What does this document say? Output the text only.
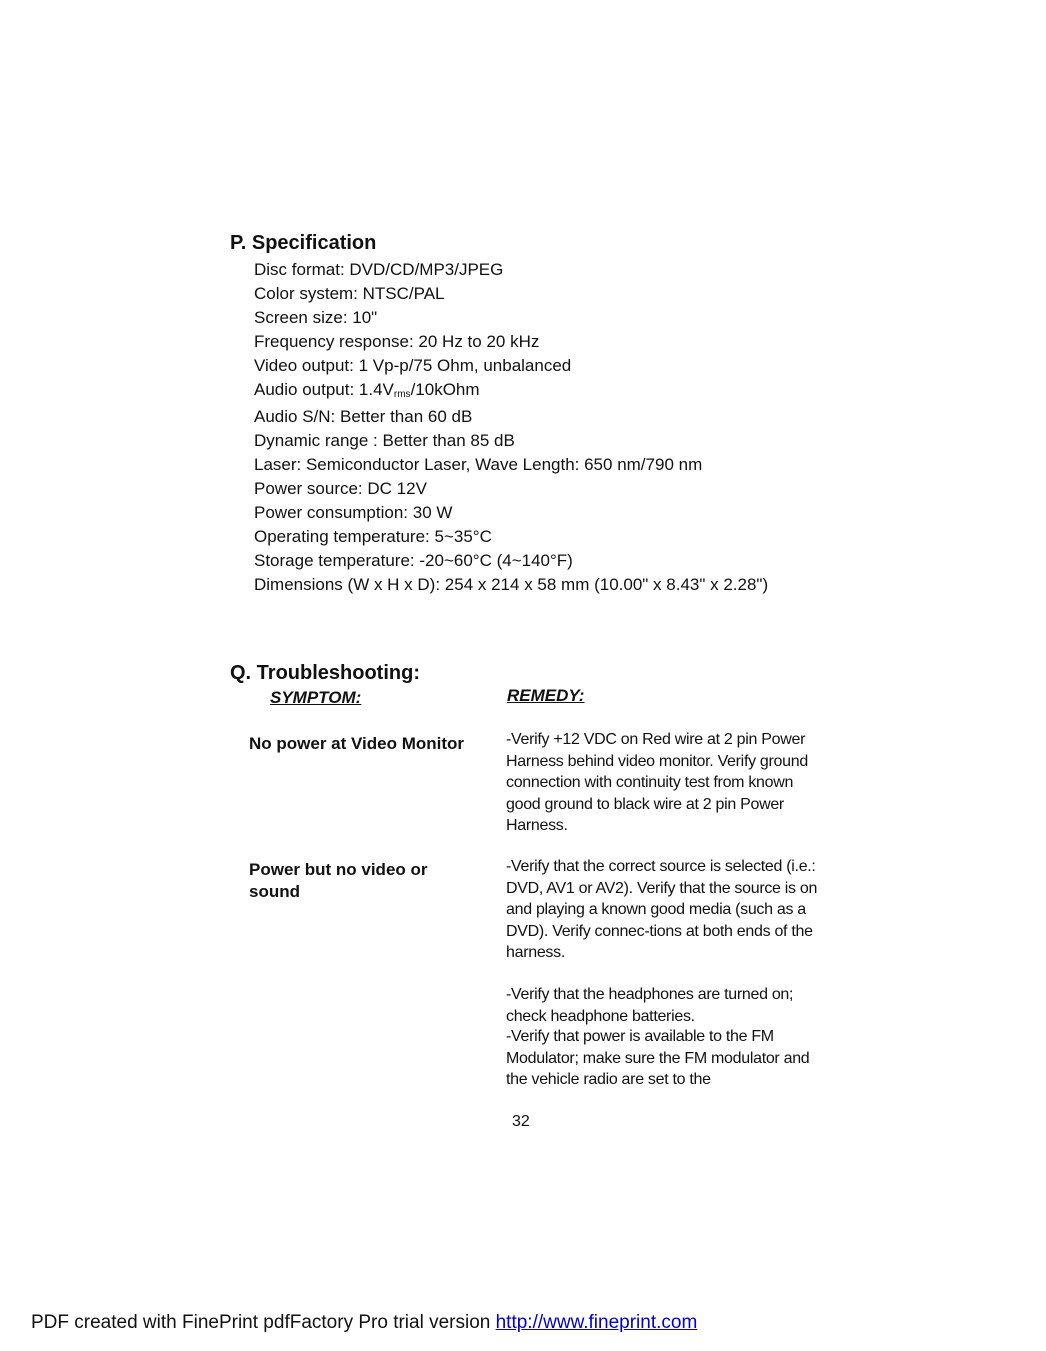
P. Specification
Disc format: DVD/CD/MP3/JPEG
Color system: NTSC/PAL
Screen size: 10"
Frequency response: 20 Hz to 20 kHz
Video output: 1 Vp-p/75 Ohm, unbalanced
Audio output: $1.4V_{rms}/10kOhm$
Audio S/N: Better than 60 dB
Dynamic range : Better than 85 dB
Laser: Semiconductor Laser, Wave Length: 650 nm/790 nm
Power source: DC 12V
Power consumption: 30 W
Operating temperature: 5~35°C
Storage temperature: -20~60°C (4~140°F)
Dimensions (W x H x D): 254 x 214 x 58 mm (10.00" x 8.43" x 2.28")
Q. Troubleshooting:
SYMPTOM:	REMEDY:
No power at Video Monitor	-Verify +12 VDC on Red wire at 2 pin Power Harness behind video monitor. Verify ground connection with continuity test from known good ground to black wire at 2 pin Power Harness.
Power but no video or sound
-Verify that the correct source is selected (i.e.: DVD, AV1 or AV2). Verify that the source is on and playing a known good media (such as a DVD). Verify connec-tions at both ends of the harness.
-Verify that the headphones are turned on; check headphone batteries.
-Verify that power is available to the FM Modulator; make sure the FM modulator and the vehicle radio are set to the
32
PDF created with FinePrint pdfFactory Pro trial version http://www.fineprint.com
